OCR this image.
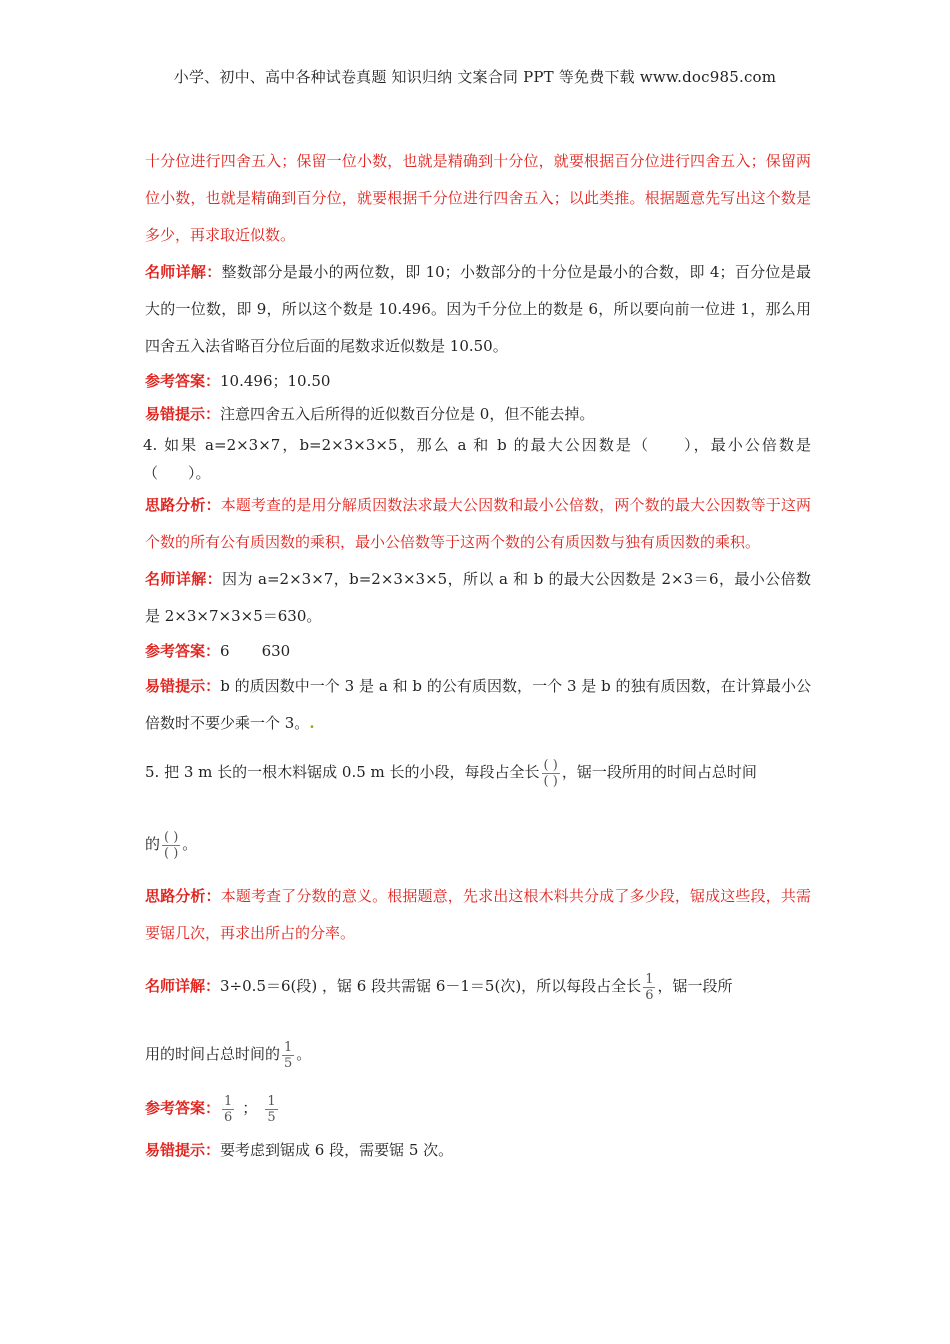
小学、初中、高中各种试卷真题 知识归纳 文案合同 PPT 等免费下载 www.doc985.com

十分位进行四舍五入；保留一位小数，也就是精确到十分位，就要根据百分位进行四舍五入；保留两位小数，也就是精确到百分位，就要根据千分位进行四舍五入；以此类推。根据题意先写出这个数是多少，再求取近似数。

名师详解：整数部分是最小的两位数，即 10；小数部分的十分位是最小的合数，即 4；百分位是最大的一位数，即 9，所以这个数是 10.496。因为千分位上的数是 6，所以要向前一位进 1，那么用四舍五入法省略百分位后面的尾数求近似数是 10.50。

参考答案：10.496；10.50

易错提示：注意四舍五入后所得的近似数百分位是 0，但不能去掉。

4. 如果 a=2×3×7，b=2×3×3×5，那么 a 和 b 的最大公因数是（　　），最小公倍数是（　　）。

思路分析：本题考查的是用分解质因数法求最大公因数和最小公倍数，两个数的最大公因数等于这两个数的所有公有质因数的乘积，最小公倍数等于这两个数的公有质因数与独有质因数的乘积。

名师详解：因为 a=2×3×7，b=2×3×3×5，所以 a 和 b 的最大公因数是 2×3＝6，最小公倍数是 2×3×7×3×5＝630。

参考答案：6 630

易错提示：b 的质因数中一个 3 是 a 和 b 的公有质因数，一个 3 是 b 的独有质因数，在计算最小公倍数时不要少乘一个 3。.

5. 把 3 m 长的一根木料锯成 0.5 m 长的小段，每段占全长 $\frac{( )}{( )}$ ，锯一段所用的时间占总时间

的 $\frac{( )}{( )}$ 。

思路分析：本题考查了分数的意义。根据题意，先求出这根木料共分成了多少段，锯成这些段，共需要锯几次，再求出所占的分率。

名师详解：3÷0.5＝6(段) ，锯 6 段共需锯 6－1＝5(次)，所以每段占全长 $\frac{1}{6}$ ，锯一段所

用的时间占总时间的 $\frac{1}{5}$ 。

参考答案： $\frac{1}{6}$ ； $\frac{1}{5}$

易错提示：要考虑到锯成 6 段，需要锯 5 次。
